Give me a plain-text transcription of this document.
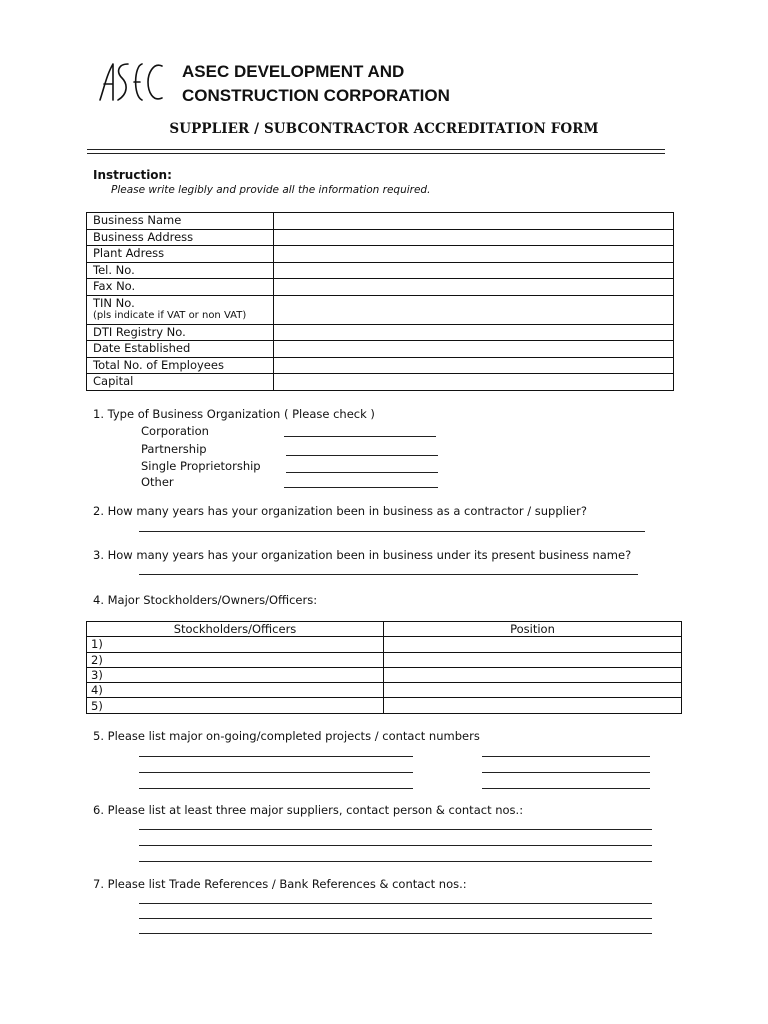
ASEC DEVELOPMENT AND
CONSTRUCTION CORPORATION
SUPPLIER / SUBCONTRACTOR ACCREDITATION FORM
Instruction:
Please write legibly and provide all the information required.
Business Name	
Business Address	
Plant Adress	
Tel. No.	
Fax No.	
TIN No.
(pls indicate if VAT or non VAT)	

DTI Registry No.	
Date Established	
Total No. of Employees	
Capital	
1. Type of Business Organization ( Please check )
Corporation
Partnership
Single Proprietorship
Other
2. How many years has your organization been in business as a contractor / supplier?
3. How many years has your organization been in business under its present business name?
4. Major Stockholders/Owners/Officers:
Stockholders/Officers	Position
1)	
2)	
3)	
4)	
5)	
5. Please list major on-going/completed projects / contact numbers
6. Please list at least three major suppliers, contact person & contact nos.:
7. Please list Trade References / Bank References & contact nos.:
